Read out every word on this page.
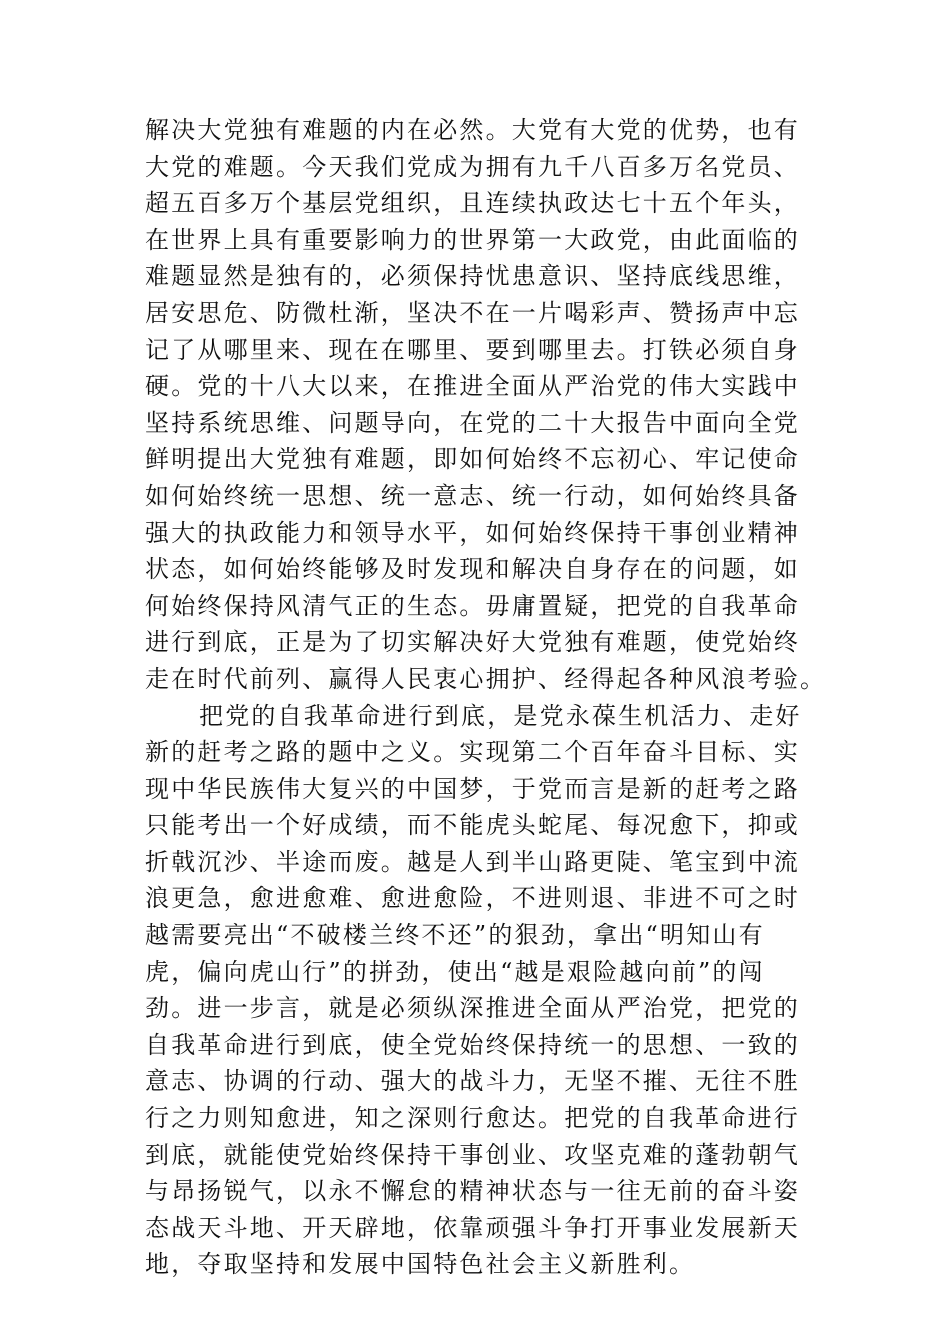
解决大党独有难题的内在必然。大党有大党的优势，也有
大党的难题。今天我们党成为拥有九千八百多万名党员、
超五百多万个基层党组织，且连续执政达七十五个年头，
在世界上具有重要影响力的世界第一大政党，由此面临的
难题显然是独有的，必须保持忧患意识、坚持底线思维，
居安思危、防微杜渐，坚决不在一片喝彩声、赞扬声中忘
记了从哪里来、现在在哪里、要到哪里去。打铁必须自身
硬。党的十八大以来，在推进全面从严治党的伟大实践中
坚持系统思维、问题导向，在党的二十大报告中面向全党
鲜明提出大党独有难题，即如何始终不忘初心、牢记使命
如何始终统一思想、统一意志、统一行动，如何始终具备
强大的执政能力和领导水平，如何始终保持干事创业精神
状态，如何始终能够及时发现和解决自身存在的问题，如
何始终保持风清气正的生态。毋庸置疑，把党的自我革命
进行到底，正是为了切实解决好大党独有难题，使党始终
走在时代前列、赢得人民衷心拥护、经得起各种风浪考验。
把党的自我革命进行到底，是党永葆生机活力、走好
新的赶考之路的题中之义。实现第二个百年奋斗目标、实
现中华民族伟大复兴的中国梦，于党而言是新的赶考之路
只能考出一个好成绩，而不能虎头蛇尾、每况愈下，抑或
折戟沉沙、半途而废。越是人到半山路更陡、笔宝到中流
浪更急，愈进愈难、愈进愈险，不进则退、非进不可之时
越需要亮出“不破楼兰终不还”的狠劲，拿出“明知山有
虎，偏向虎山行”的拼劲，使出“越是艰险越向前”的闯
劲。进一步言，就是必须纵深推进全面从严治党，把党的
自我革命进行到底，使全党始终保持统一的思想、一致的
意志、协调的行动、强大的战斗力，无坚不摧、无往不胜
行之力则知愈进，知之深则行愈达。把党的自我革命进行
到底，就能使党始终保持干事创业、攻坚克难的蓬勃朝气
与昂扬锐气，以永不懈怠的精神状态与一往无前的奋斗姿
态战天斗地、开天辟地，依靠顽强斗争打开事业发展新天
地，夺取坚持和发展中国特色社会主义新胜利。
